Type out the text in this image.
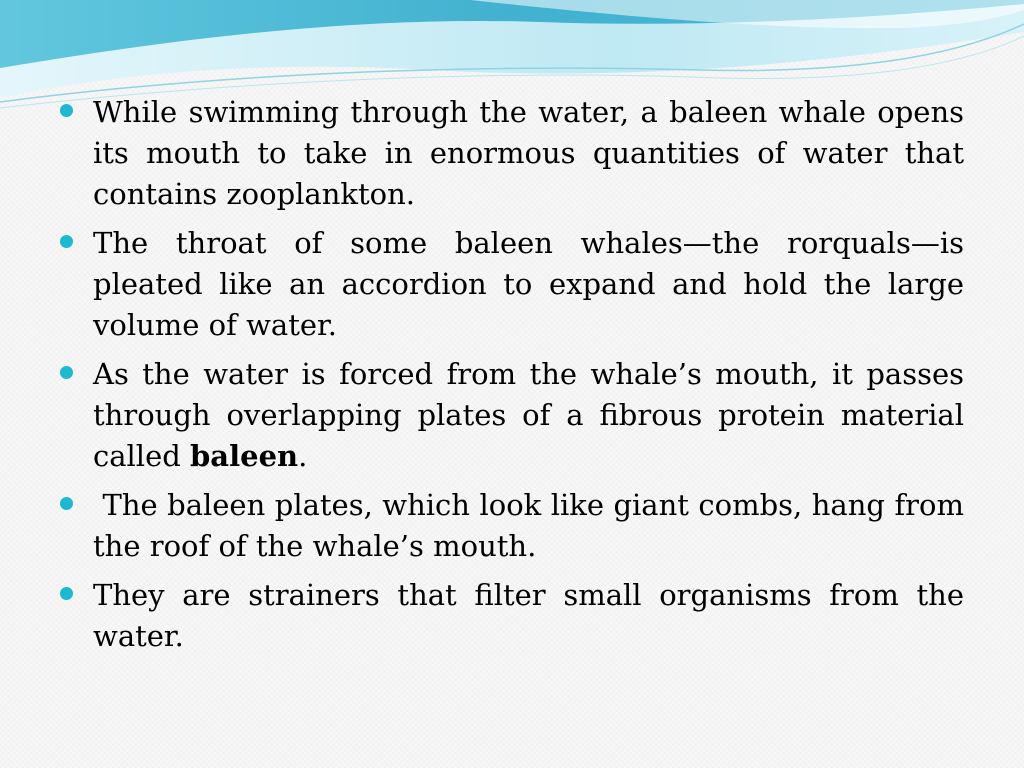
While swimming through the water, a baleen whale opens its mouth to take in enormous quantities of water that contains zooplankton.
The throat of some baleen whales—the rorquals—is pleated like an accordion to expand and hold the large volume of water.
As the water is forced from the whale’s mouth, it passes through overlapping plates of a fibrous protein material called baleen.
The baleen plates, which look like giant combs, hang from the roof of the whale’s mouth.
They are strainers that filter small organisms from the water.
